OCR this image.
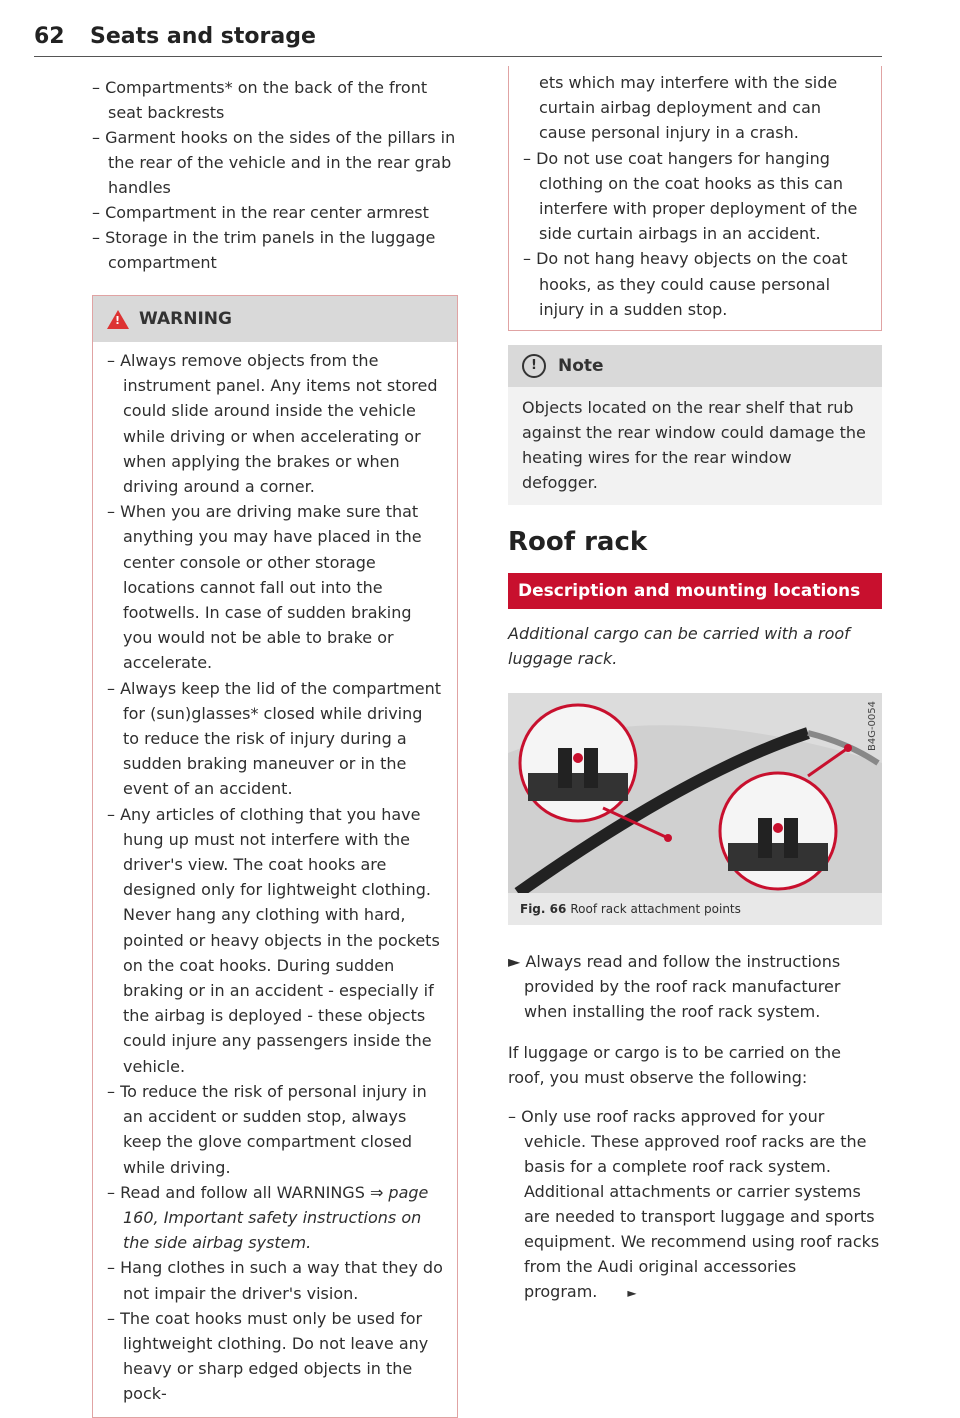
62 Seats and storage

– Compartments* on the back of the front seat backrests

– Garment hooks on the sides of the pillars in the rear of the vehicle and in the rear grab handles

– Compartment in the rear center armrest

– Storage in the trim panels in the luggage compartment

! WARNING

– Always remove objects from the instrument panel. Any items not stored could slide around inside the vehicle while driving or when accelerating or when applying the brakes or when driving around a corner.

– When you are driving make sure that anything you may have placed in the center console or other storage locations cannot fall out into the footwells. In case of sudden braking you would not be able to brake or accelerate.

– Always keep the lid of the compartment for (sun)glasses* closed while driving to reduce the risk of injury during a sudden braking maneuver or in the event of an accident.

– Any articles of clothing that you have hung up must not interfere with the driver's view. The coat hooks are designed only for lightweight clothing. Never hang any clothing with hard, pointed or heavy objects in the pockets on the coat hooks. During sudden braking or in an accident - especially if the airbag is deployed - these objects could injure any passengers inside the vehicle.

– To reduce the risk of personal injury in an accident or sudden stop, always keep the glove compartment closed while driving.

– Read and follow all WARNINGS ⇒ page 160, Important safety instructions on the side airbag system.

– Hang clothes in such a way that they do not impair the driver's vision.

– The coat hooks must only be used for lightweight clothing. Do not leave any heavy or sharp edged objects in the pock-

ets which may interfere with the side curtain airbag deployment and can cause personal injury in a crash.

– Do not use coat hangers for hanging clothing on the coat hooks as this can interfere with proper deployment of the side curtain airbags in an accident.

– Do not hang heavy objects on the coat hooks, as they could cause personal injury in a sudden stop.

!	Note
Objects located on the rear shelf that rub against the rear window could damage the heating wires for the rear window defogger.
Roof rack
Description and mounting locations
Additional cargo can be carried with a roof luggage rack.
B4G-0054
Fig. 66 Roof rack attachment points
► Always read and follow the instructions provided by the roof rack manufacturer when installing the roof rack system.
If luggage or cargo is to be carried on the roof, you must observe the following:

– Only use roof racks approved for your vehicle. These approved roof racks are the basis for a complete roof rack system. Additional attachments or carrier systems are needed to transport luggage and sports equipment. We recommend using roof racks from the Audi original accessories program.	►
